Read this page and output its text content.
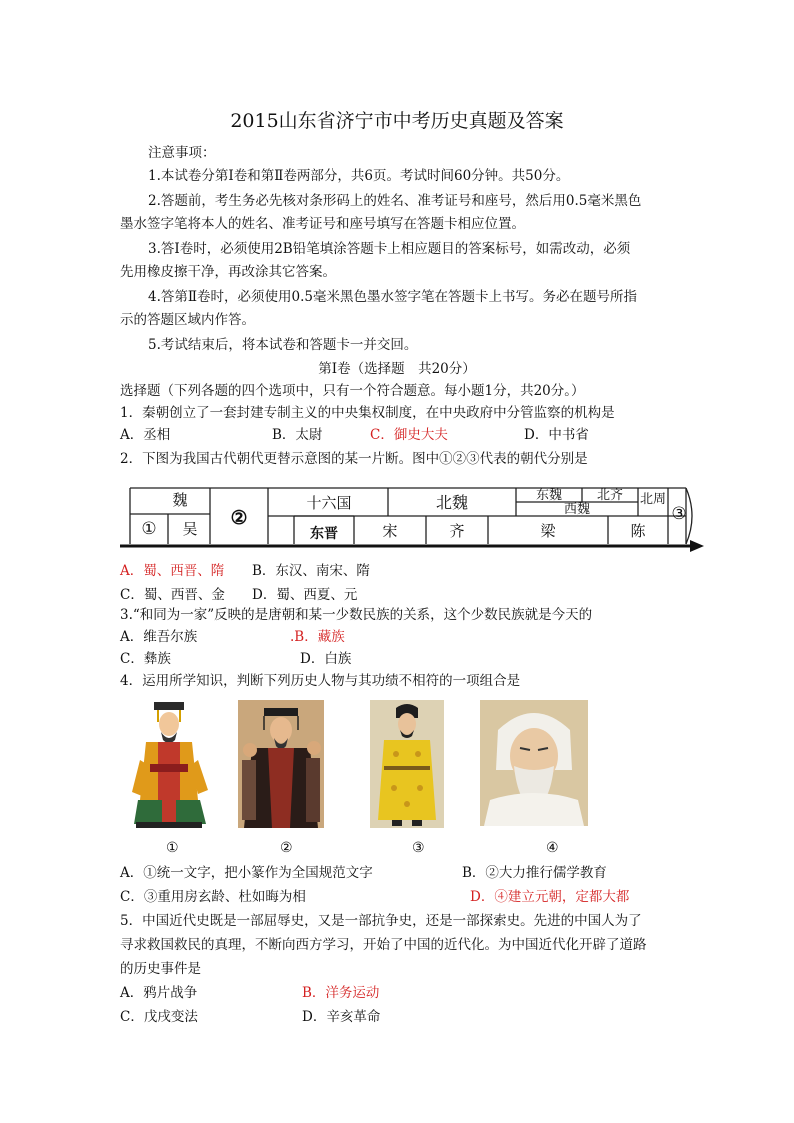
2015山东省济宁市中考历史真题及答案
注意事项：
1.本试卷分第Ⅰ卷和第Ⅱ卷两部分，共6页。考试时间60分钟。共50分。
2.答题前，考生务必先核对条形码上的姓名、准考证号和座号，然后用0.5毫米黑色
墨水签字笔将本人的姓名、准考证号和座号填写在答题卡相应位置。
3.答Ⅰ卷时，必须使用2B铅笔填涂答题卡上相应题目的答案标号，如需改动，必须
先用橡皮擦干净，再改涂其它答案。
4.答第Ⅱ卷时，必须使用0.5毫米黑色墨水签字笔在答题卡上书写。务必在题号所指
示的答题区域内作答。
5.考试结束后，将本试卷和答题卡一并交回。
第Ⅰ卷（选择题　共20分）
选择题（下列各题的四个选项中，只有一个符合题意。每小题1分，共20分。）
1．秦朝创立了一套封建专制主义的中央集权制度，在中央政府中分管监察的机构是
A．丞相	B．太尉	C．御史大夫	D．中书省
2．下图为我国古代朝代更替示意图的某一片断。图中①②③代表的朝代分别是
魏
①	吴	②
十六国
东晋
北魏
宋	齐
东魏	北齐
西魏
北周
梁	陈
③
A．蜀、西晋、隋 B．东汉、南宋、隋
C．蜀、西晋、金 D．蜀、西夏、元
3.“和同为一家”反映的是唐朝和某一少数民族的关系，这个少数民族就是今天的
A．维吾尔族	.B．藏族
C．彝族	D．白族
4．运用所学知识，判断下列历史人物与其功绩不相符的一项组合是
①	②	③	④
A．①统一文字，把小篆作为全国规范文字	B．②大力推行儒学教育
C．③重用房玄龄、杜如晦为相	D．④建立元朝，定都大都
5．中国近代史既是一部屈辱史，又是一部抗争史，还是一部探索史。先进的中国人为了
寻求救国救民的真理，不断向西方学习，开始了中国的近代化。为中国近代化开辟了道路
的历史事件是
A．鸦片战争	B．洋务运动
C．戊戌变法	D．辛亥革命
